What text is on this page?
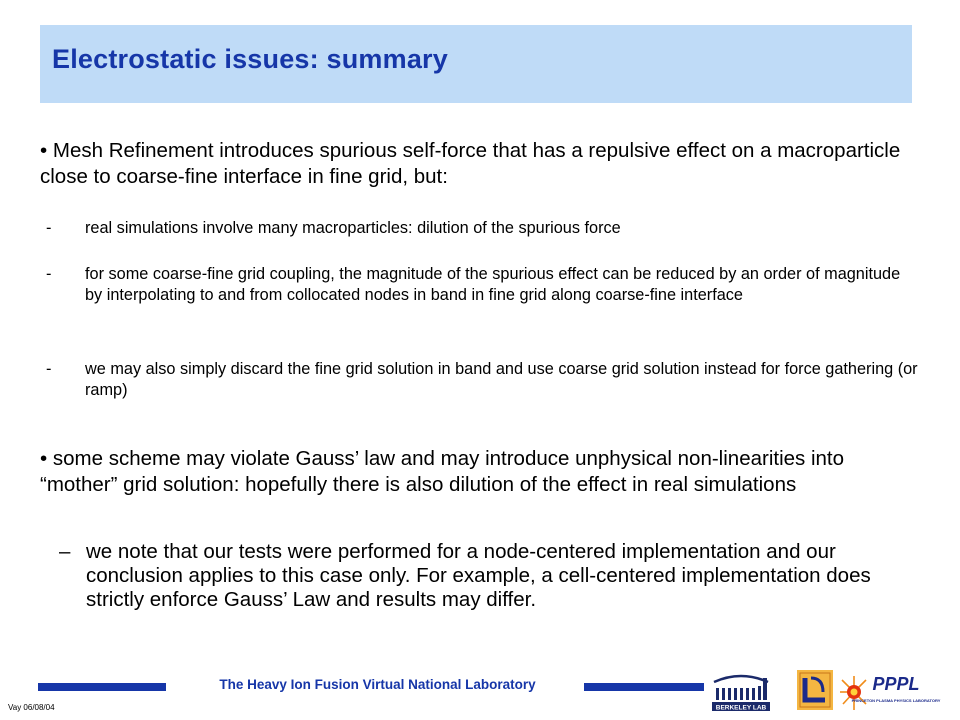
Electrostatic issues: summary

• Mesh Refinement introduces spurious self-force that has a repulsive effect on a macroparticle close to coarse-fine interface in fine grid, but:

- real simulations involve many macroparticles: dilution of the spurious force
- for some coarse-fine grid coupling, the magnitude of the spurious effect can be reduced by an order of magnitude by interpolating to and from collocated nodes in band in fine grid along coarse-fine interface
- we may also simply discard the fine grid solution in band and use coarse grid solution instead for force gathering (or ramp)

• some scheme may violate Gauss’ law and may introduce unphysical non-linearities into “mother” grid solution: hopefully there is also dilution of the effect in real simulations

– we note that our tests were performed for a node-centered implementation and our conclusion applies to this case only. For example, a cell-centered implementation does strictly enforce Gauss’ Law and results may differ.
The Heavy Ion Fusion Virtual National Laboratory
Vay 06/08/04	BERKELEY LAB
PPPL
PRINCETON PLASMA PHYSICS LABORATORY
